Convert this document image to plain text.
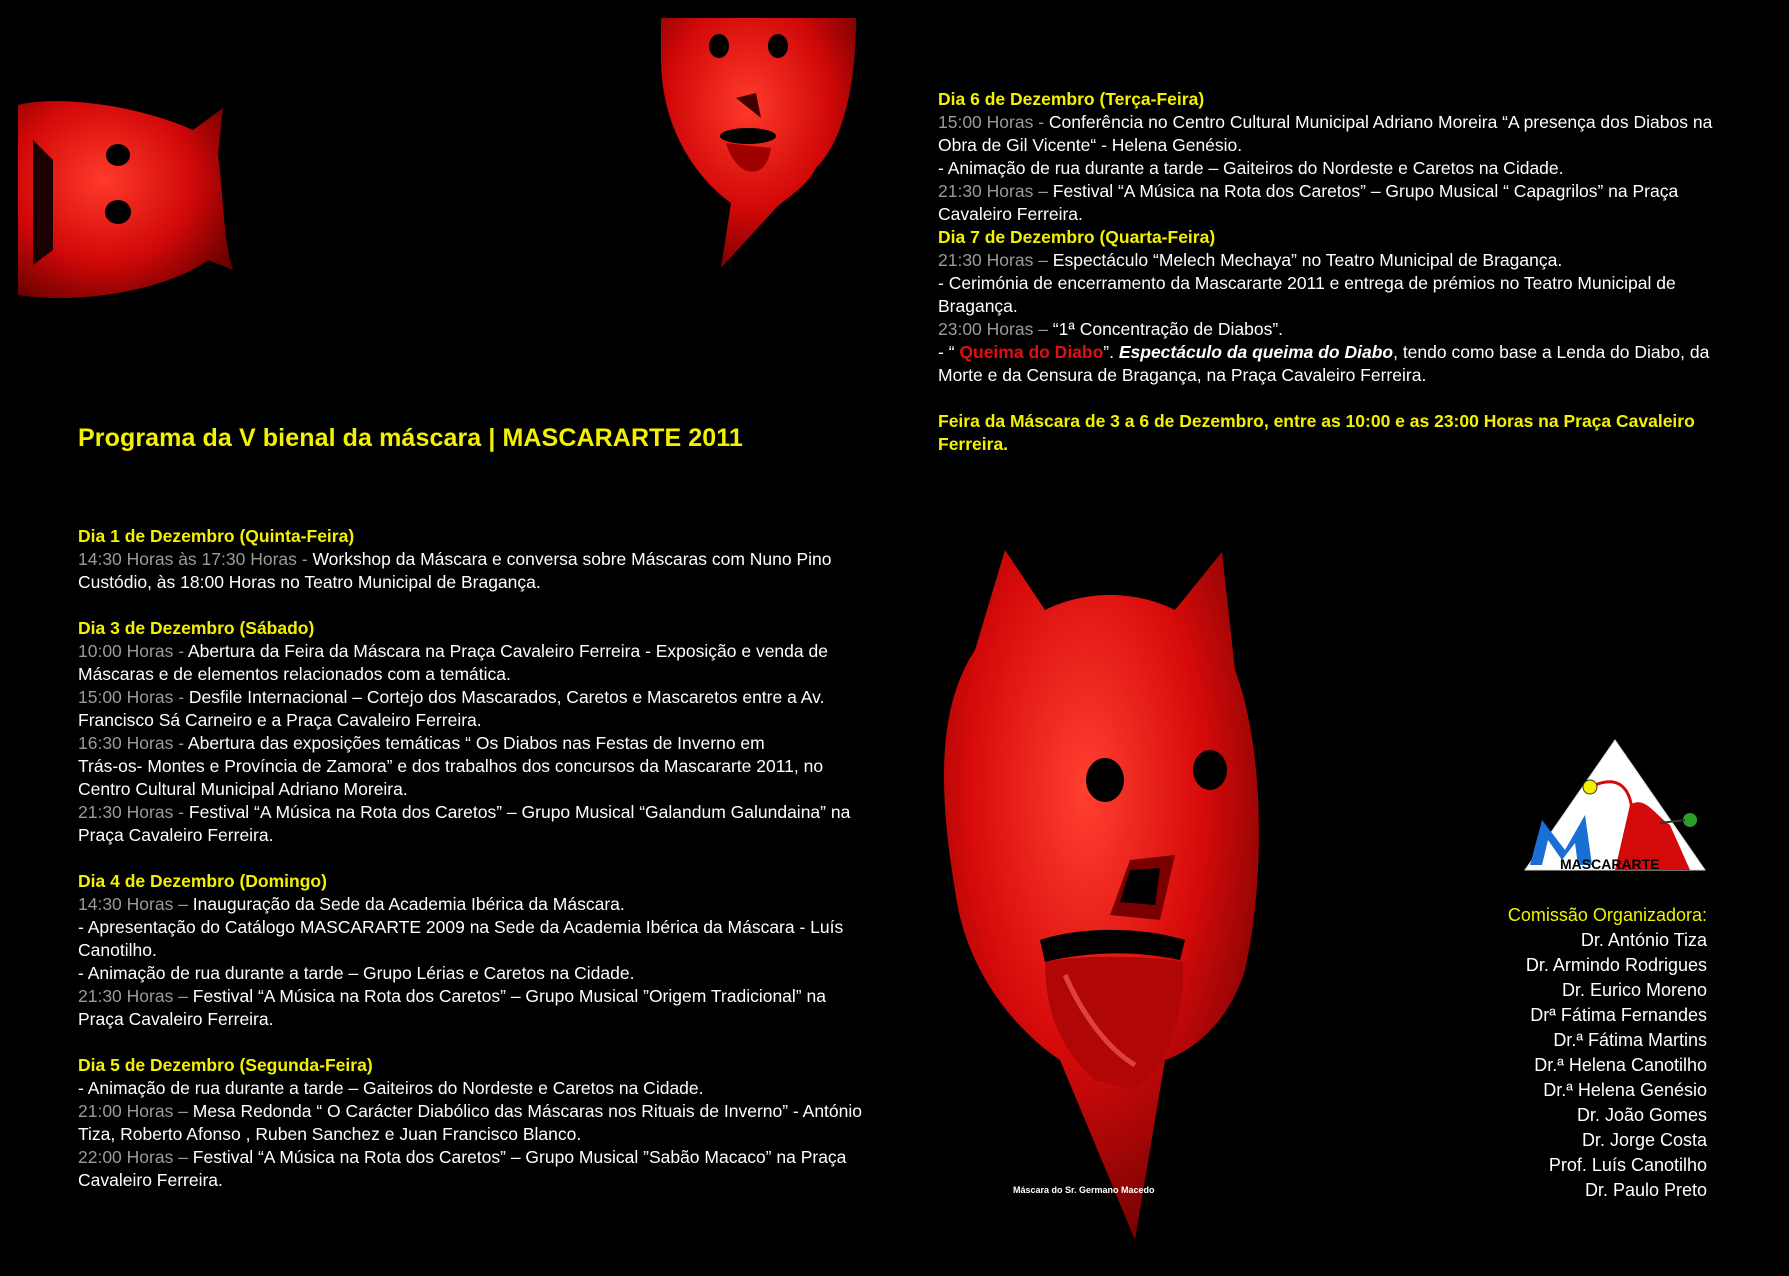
Programa da V bienal da máscara | MASCARARTE 2011

Dia 1 de Dezembro (Quinta-Feira)

14:30 Horas às 17:30 Horas - Workshop da Máscara e conversa sobre Máscaras com Nuno Pino

Custódio, às 18:00 Horas no Teatro Municipal de Bragança.

Dia 3 de Dezembro (Sábado)

10:00 Horas - Abertura da Feira da Máscara na Praça Cavaleiro Ferreira - Exposição e venda de

Máscaras e de elementos relacionados com a temática.

15:00 Horas - Desfile Internacional – Cortejo dos Mascarados, Caretos e Mascaretos entre a Av.

Francisco Sá Carneiro e a Praça Cavaleiro Ferreira.

16:30 Horas - Abertura das exposições temáticas “ Os Diabos nas Festas de Inverno em

Trás-os- Montes e Província de Zamora” e dos trabalhos dos concursos da Mascararte 2011, no

Centro Cultural Municipal Adriano Moreira.

21:30 Horas - Festival “A Música na Rota dos Caretos” – Grupo Musical “Galandum Galundaina” na

Praça Cavaleiro Ferreira.

Dia 4 de Dezembro (Domingo)

14:30 Horas – Inauguração da Sede da Academia Ibérica da Máscara.

- Apresentação do Catálogo MASCARARTE 2009 na Sede da Academia Ibérica da Máscara - Luís

Canotilho.

- Animação de rua durante a tarde – Grupo Lérias e Caretos na Cidade.

21:30 Horas – Festival “A Música na Rota dos Caretos” – Grupo Musical ”Origem Tradicional” na

Praça Cavaleiro Ferreira.

Dia 5 de Dezembro (Segunda-Feira)

- Animação de rua durante a tarde – Gaiteiros do Nordeste e Caretos na Cidade.

21:00 Horas – Mesa Redonda “ O Carácter Diabólico das Máscaras nos Rituais de Inverno” - António

Tiza, Roberto Afonso , Ruben Sanchez e Juan Francisco Blanco.

22:00 Horas – Festival “A Música na Rota dos Caretos” – Grupo Musical ”Sabão Macaco” na Praça

Cavaleiro Ferreira.

Dia 6 de Dezembro (Terça-Feira)

15:00 Horas - Conferência no Centro Cultural Municipal Adriano Moreira “A presença dos Diabos na

Obra de Gil Vicente“ - Helena Genésio.

- Animação de rua durante a tarde – Gaiteiros do Nordeste e Caretos na Cidade.

21:30 Horas – Festival “A Música na Rota dos Caretos” – Grupo Musical “ Capagrilos” na Praça

Cavaleiro Ferreira.

Dia 7 de Dezembro (Quarta-Feira)

21:30 Horas – Espectáculo “Melech Mechaya” no Teatro Municipal de Bragança.

- Cerimónia de encerramento da Mascararte 2011 e entrega de prémios no Teatro Municipal de

Bragança.

23:00 Horas – “1ª Concentração de Diabos”.

- “ Queima do Diabo”. Espectáculo da queima do Diabo, tendo como base a Lenda do Diabo, da

Morte e da Censura de Bragança, na Praça Cavaleiro Ferreira.

Feira da Máscara de 3 a 6 de Dezembro, entre as 10:00 e as 23:00 Horas na Praça Cavaleiro

Ferreira.

MASCARARTE
Comissão Organizadora:
Dr. António Tiza
Dr. Armindo Rodrigues
Dr. Eurico Moreno
Drª Fátima Fernandes
Dr.ª Fátima Martins
Dr.ª Helena Canotilho
Dr.ª Helena Genésio
Dr. João Gomes
Dr. Jorge Costa
Prof. Luís Canotilho
Dr. Paulo Preto
Máscara do Sr. Germano Macedo
